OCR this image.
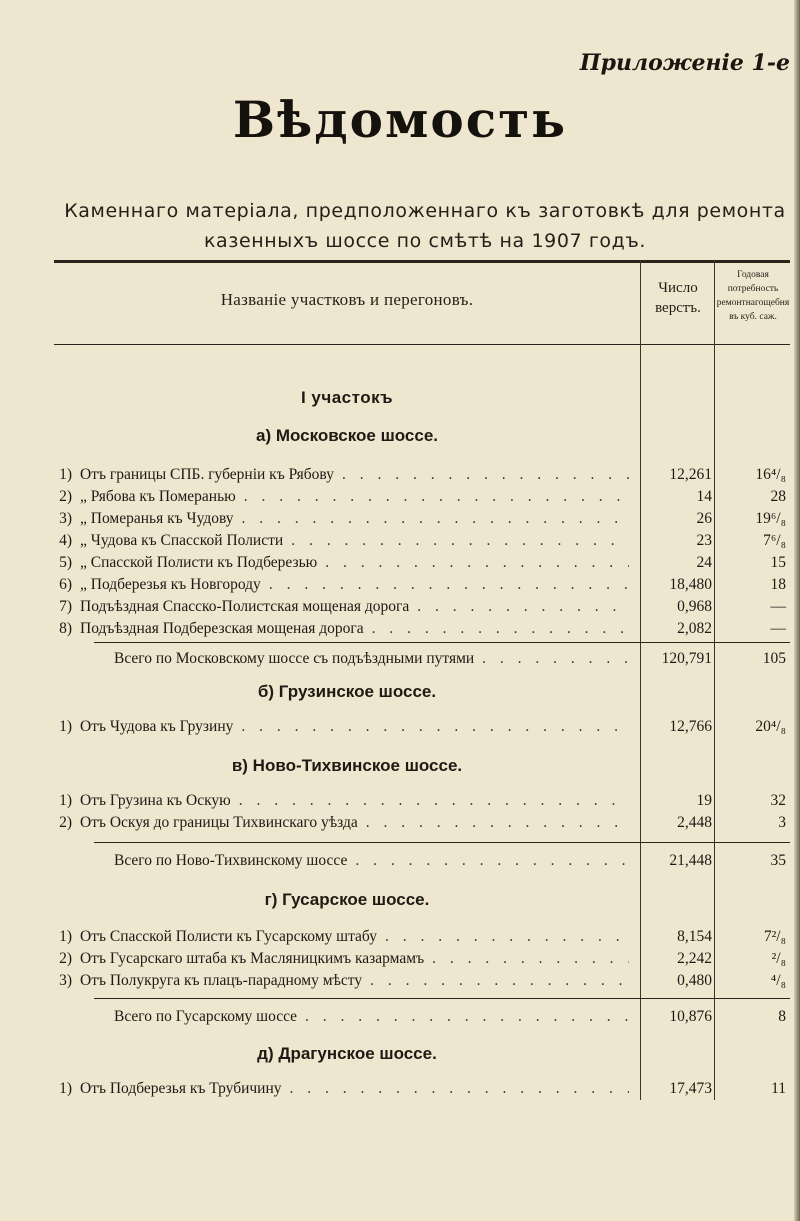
Приложеніе 1-е
Вѣдомость
Каменнаго матеріала, предположеннаго къ заготовкѣ для ремонта
казенныхъ шоссе по смѣтѣ на 1907 годъ.
Названіе участковъ и перегоновъ.
Число верстъ.
Годовая потребность ремонтнагощебня въ куб. саж.
I участокъ
а) Московское шоссе.
1) Отъ границы СПБ. губерніи къ Рябову . . .	12,261	16⁴/₈
2) „ Рябова къ Померанью . . .	14	28
3) „ Померанья къ Чудову . . .	26	19⁶/₈
4) „ Чудова къ Спасской Полисти . . .	23	7⁶/₈
5) „ Спасской Полисти къ Подберезью . . .	24	15
6) „ Подберезья къ Новгороду . . .	18,480	18
7) Подъѣздная Спасско-Полистская мощеная дорога . . .	0,968	—
8) Подъѣздная Подберезская мощеная дорога . . .	2,082	—
Всего по Московскому шоссе съ подъѣздными путями . . .	120,791	105
б) Грузинское шоссе.
1) Отъ Чудова къ Грузину . . .	12,766	20⁴/₈
в) Ново-Тихвинское шоссе.
1) Отъ Грузина къ Оскую . . .	19	32
2) Отъ Оскуя до границы Тихвинскаго уѣзда . . .	2,448	3
Всего по Ново-Тихвинскому шоссе . . .	21,448	35
г) Гусарское шоссе.
1) Отъ Спасской Полисти къ Гусарскому штабу . . .	8,154	7²/₈
2) Отъ Гусарскаго штаба къ Масляницкимъ казармамъ . . .	2,242	²/₈
3) Отъ Полукруга къ плацъ-парадному мѣсту . . .	0,480	⁴/₈
Всего по Гусарскому шоссе . . .	10,876	8
д) Драгунское шоссе.
1) Отъ Подберезья къ Трубичину . . .	17,473	11
